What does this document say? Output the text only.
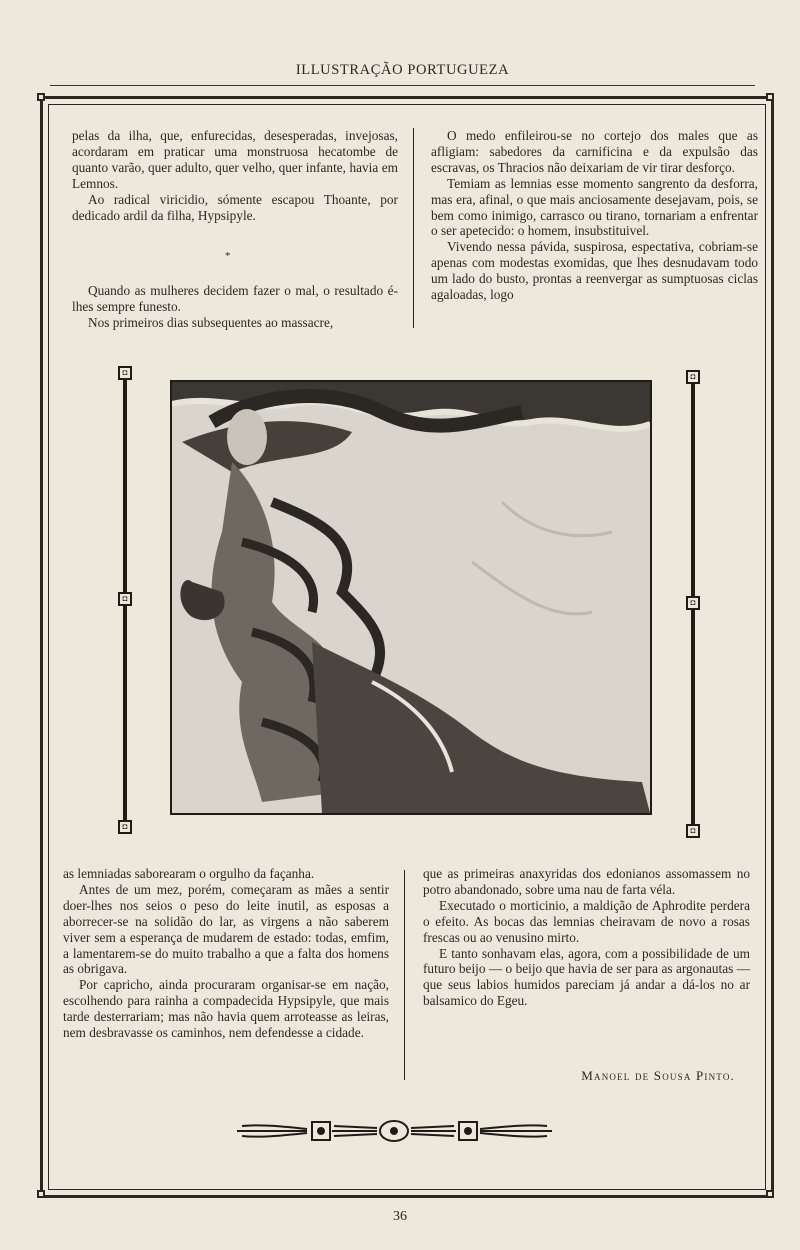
ILLUSTRAÇÃO PORTUGUEZA

pelas da ilha, que, enfurecidas, desesperadas, invejosas, acordaram em praticar uma monstruosa hecatombe de quanto varão, quer adulto, quer velho, quer infante, havia em Lemnos.

Ao radical viricidio, sómente escapou Thoante, por dedicado ardil da filha, Hypsipyle.

*

Quando as mulheres decidem fazer o mal, o resultado é-lhes sempre funesto.

Nos primeiros dias subsequentes ao massacre,

O medo enfileirou-se no cortejo dos males que as afligiam: sabedores da carnificina e da expulsão das escravas, os Thracios não deixariam de vir tirar desforço.

Temiam as lemnias esse momento sangrento da desforra, mas era, afinal, o que mais anciosamente desejavam, pois, se bem como inimigo, carrasco ou tirano, tornariam a enfrentar o ser apetecido: o homem, insubstituivel.

Vivendo nessa pávida, suspirosa, espectativa, cobriam-se apenas com modestas exomidas, que lhes desnudavam todo um lado do busto, prontas a reenvergar as sumptuosas ciclas agaloadas, logo

◘
◘
◘
◘
◘
◘

as lemniadas saborearam o orgulho da façanha.

Antes de um mez, porém, começaram as mães a sentir doer-lhes nos seios o peso do leite inutil, as esposas a aborrecer-se na solidão do lar, as virgens a não saberem viver sem a esperança de mudarem de estado: todas, emfim, a lamentarem-se do muito trabalho a que a falta dos homens as obrigava.

Por capricho, ainda procuraram organisar-se em nação, escolhendo para rainha a compadecida Hypsipyle, que mais tarde desterrariam; mas não havia quem arroteasse as leiras, nem desbravasse os caminhos, nem defendesse a cidade.

que as primeiras anaxyridas dos edonianos assomassem no potro abandonado, sobre uma nau de farta véla.

Executado o morticinio, a maldição de Aphrodite perdera o efeito. As bocas das lemnias cheiravam de novo a rosas frescas ou ao venusino mirto.

E tanto sonhavam elas, agora, com a possibilidade de um futuro beijo — o beijo que havia de ser para as argonautas — que seus labios humidos pareciam já andar a dá-los no ar balsamico do Egeu.

Manoel de Sousa Pinto.
36
